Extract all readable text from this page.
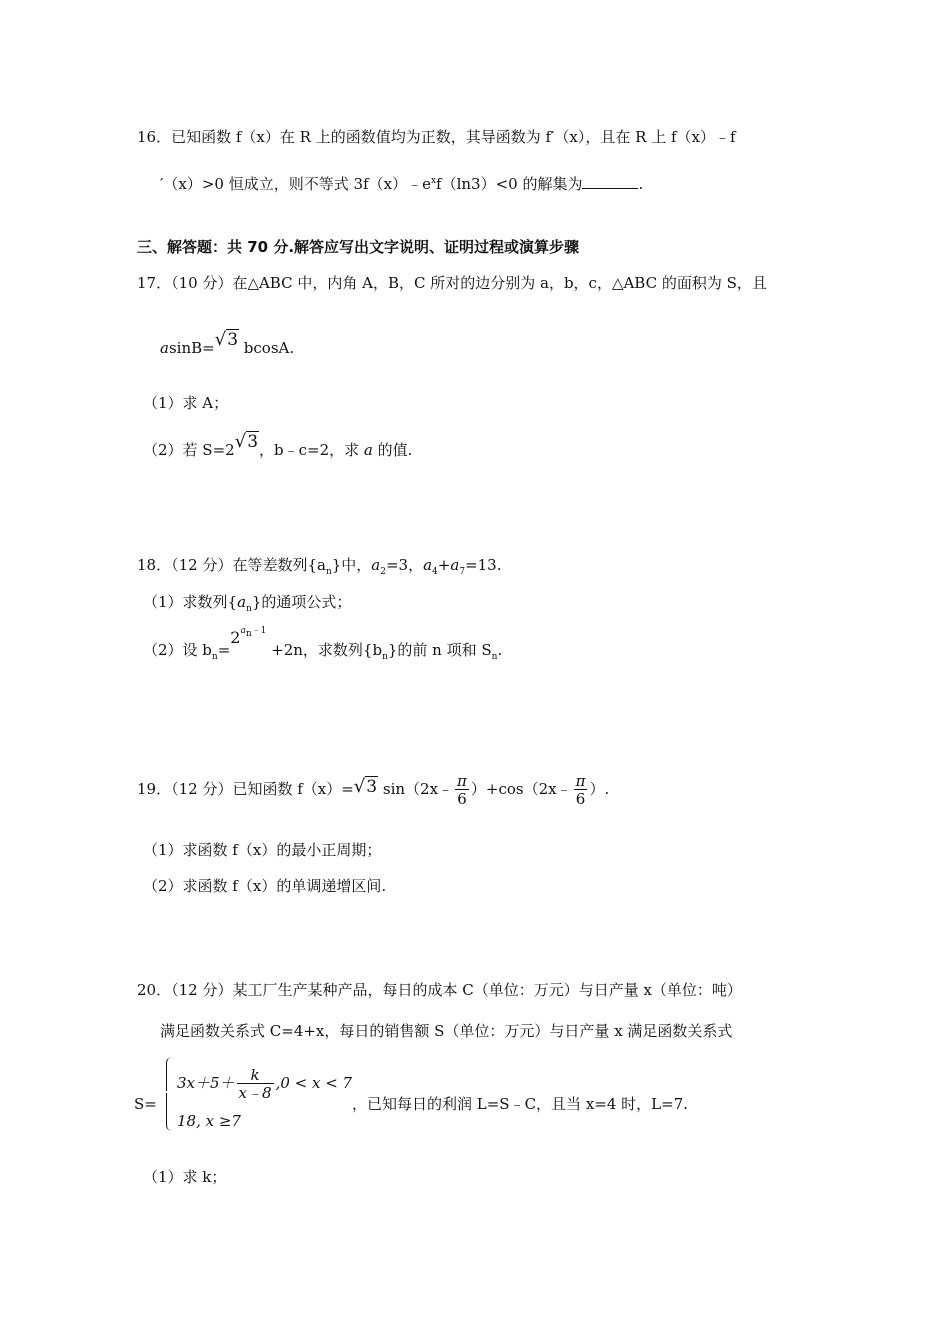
16．已知函数 f（x）在 R 上的函数值均为正数，其导函数为 f′（x），且在 R 上 f（x）﹣f
′（x）>0 恒成立，则不等式 $3f(x)﹣e^xf(\ln 3)<0$ 的解集为	.
三、解答题：共 70 分.解答应写出文字说明、证明过程或演算步骤
17．（10 分）在△ABC 中，内角 A，B，C 所对的边分别为 a，b，c，△ABC 的面积为 S，且
asinB=√3 bcosA.
（1）求 A；
（2）若 S=2√3，b﹣c=2，求 a 的值.
18．（12 分）在等差数列$\{a_n\}$中，$a_2=3$，$a_4+a_7=13$.
（1）求数列$\{a_n\}$的通项公式；
（2）设 $b_n=2^{a_n﹣1} +2n$，求数列$\{b_n\}$的前 n 项和 $S_n$.
19．（12 分）已知函数 f（x）=√3 sin（2x﹣ $\frac{\pi}{6}$ ）+cos（2x﹣ $\frac{\pi}{6}$ ）.
（1）求函数 f（x）的最小正周期；
（2）求函数 f（x）的单调递增区间.
20．（12 分）某工厂生产某种产品，每日的成本 C（单位：万元）与日产量 x（单位：吨）
满足函数关系式 C=4+x，每日的销售额 S（单位：万元）与日产量 x 满足函数关系式
S=
$3x+5+ \frac{k}{x﹣8} ,0 < x < 7$
18, x ≥7
，已知每日的利润 L=S﹣C，且当 x=4 时，L=7.
（1）求 k；
